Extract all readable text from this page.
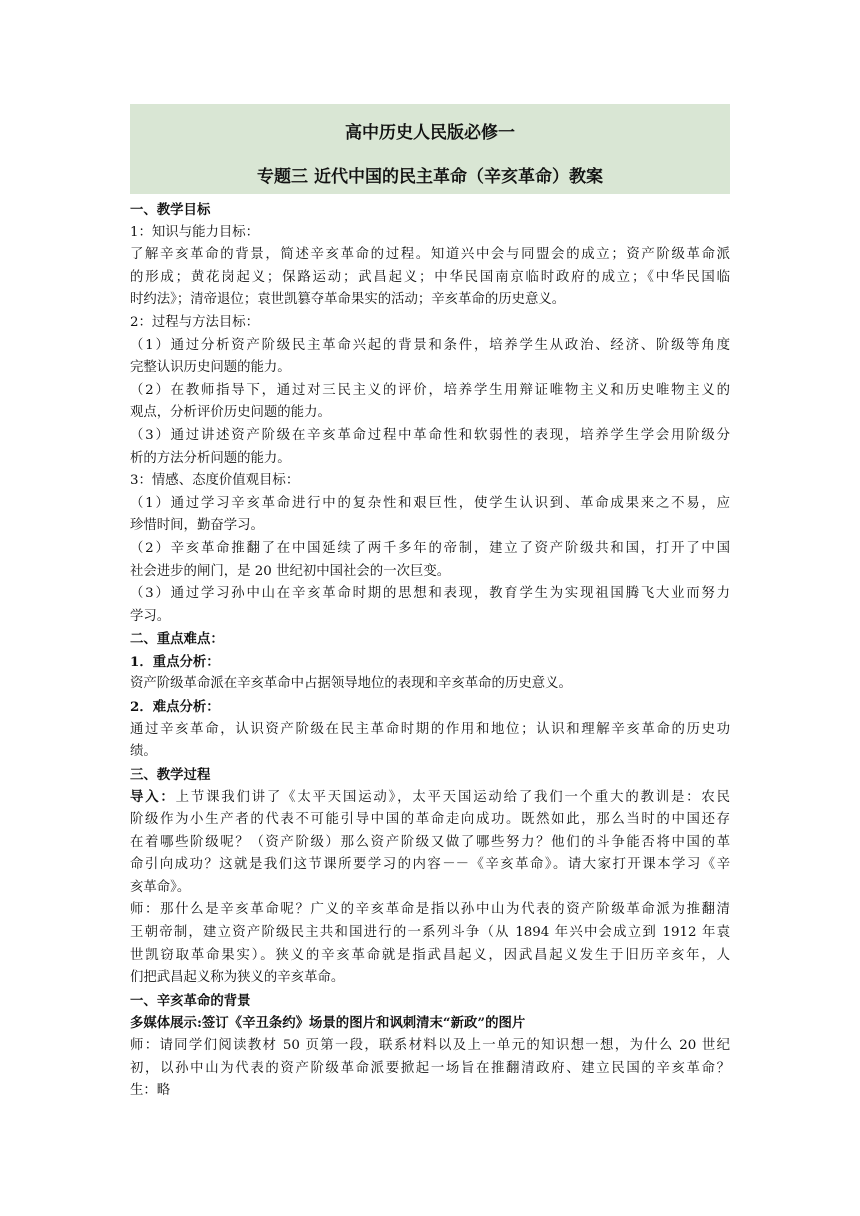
高中历史人民版必修一
专题三 近代中国的民主革命（辛亥革命）教案
一、教学目标
1：知识与能力目标：
了解辛亥革命的背景，简述辛亥革命的过程。知道兴中会与同盟会的成立；资产阶级革命派
的形成；黄花岗起义；保路运动；武昌起义；中华民国南京临时政府的成立；《中华民国临
时约法》；清帝退位；袁世凯篡夺革命果实的活动；辛亥革命的历史意义。
2：过程与方法目标：
（1）通过分析资产阶级民主革命兴起的背景和条件，培养学生从政治、经济、阶级等角度
完整认识历史问题的能力。
（2）在教师指导下，通过对三民主义的评价，培养学生用辩证唯物主义和历史唯物主义的
观点，分析评价历史问题的能力。
（3）通过讲述资产阶级在辛亥革命过程中革命性和软弱性的表现，培养学生学会用阶级分
析的方法分析问题的能力。
3：情感、态度价值观目标：
（1）通过学习辛亥革命进行中的复杂性和艰巨性，使学生认识到、革命成果来之不易，应
珍惜时间，勤奋学习。
（2）辛亥革命推翻了在中国延续了两千多年的帝制，建立了资产阶级共和国，打开了中国
社会进步的闸门，是 20 世纪初中国社会的一次巨变。
（3）通过学习孙中山在辛亥革命时期的思想和表现，教育学生为实现祖国腾飞大业而努力
学习。
二、重点难点：
1．重点分析：
资产阶级革命派在辛亥革命中占据领导地位的表现和辛亥革命的历史意义。
2．难点分析：
通过辛亥革命，认识资产阶级在民主革命时期的作用和地位；认识和理解辛亥革命的历史功
绩。
三、教学过程
导入：上节课我们讲了《太平天国运动》，太平天国运动给了我们一个重大的教训是：农民
阶级作为小生产者的代表不可能引导中国的革命走向成功。既然如此，那么当时的中国还存
在着哪些阶级呢？（资产阶级）那么资产阶级又做了哪些努力？他们的斗争能否将中国的革
命引向成功？这就是我们这节课所要学习的内容－－《辛亥革命》。请大家打开课本学习《辛
亥革命》。
师：那什么是辛亥革命呢？广义的辛亥革命是指以孙中山为代表的资产阶级革命派为推翻清
王朝帝制，建立资产阶级民主共和国进行的一系列斗争（从 1894 年兴中会成立到 1912 年袁
世凯窃取革命果实）。狭义的辛亥革命就是指武昌起义，因武昌起义发生于旧历辛亥年，人
们把武昌起义称为狭义的辛亥革命。
一、辛亥革命的背景
多媒体展示:签订《辛丑条约》场景的图片和讽刺清末“新政”的图片
师：请同学们阅读教材 50 页第一段，联系材料以及上一单元的知识想一想，为什么 20 世纪
初，以孙中山为代表的资产阶级革命派要掀起一场旨在推翻清政府、建立民国的辛亥革命？
生：略
